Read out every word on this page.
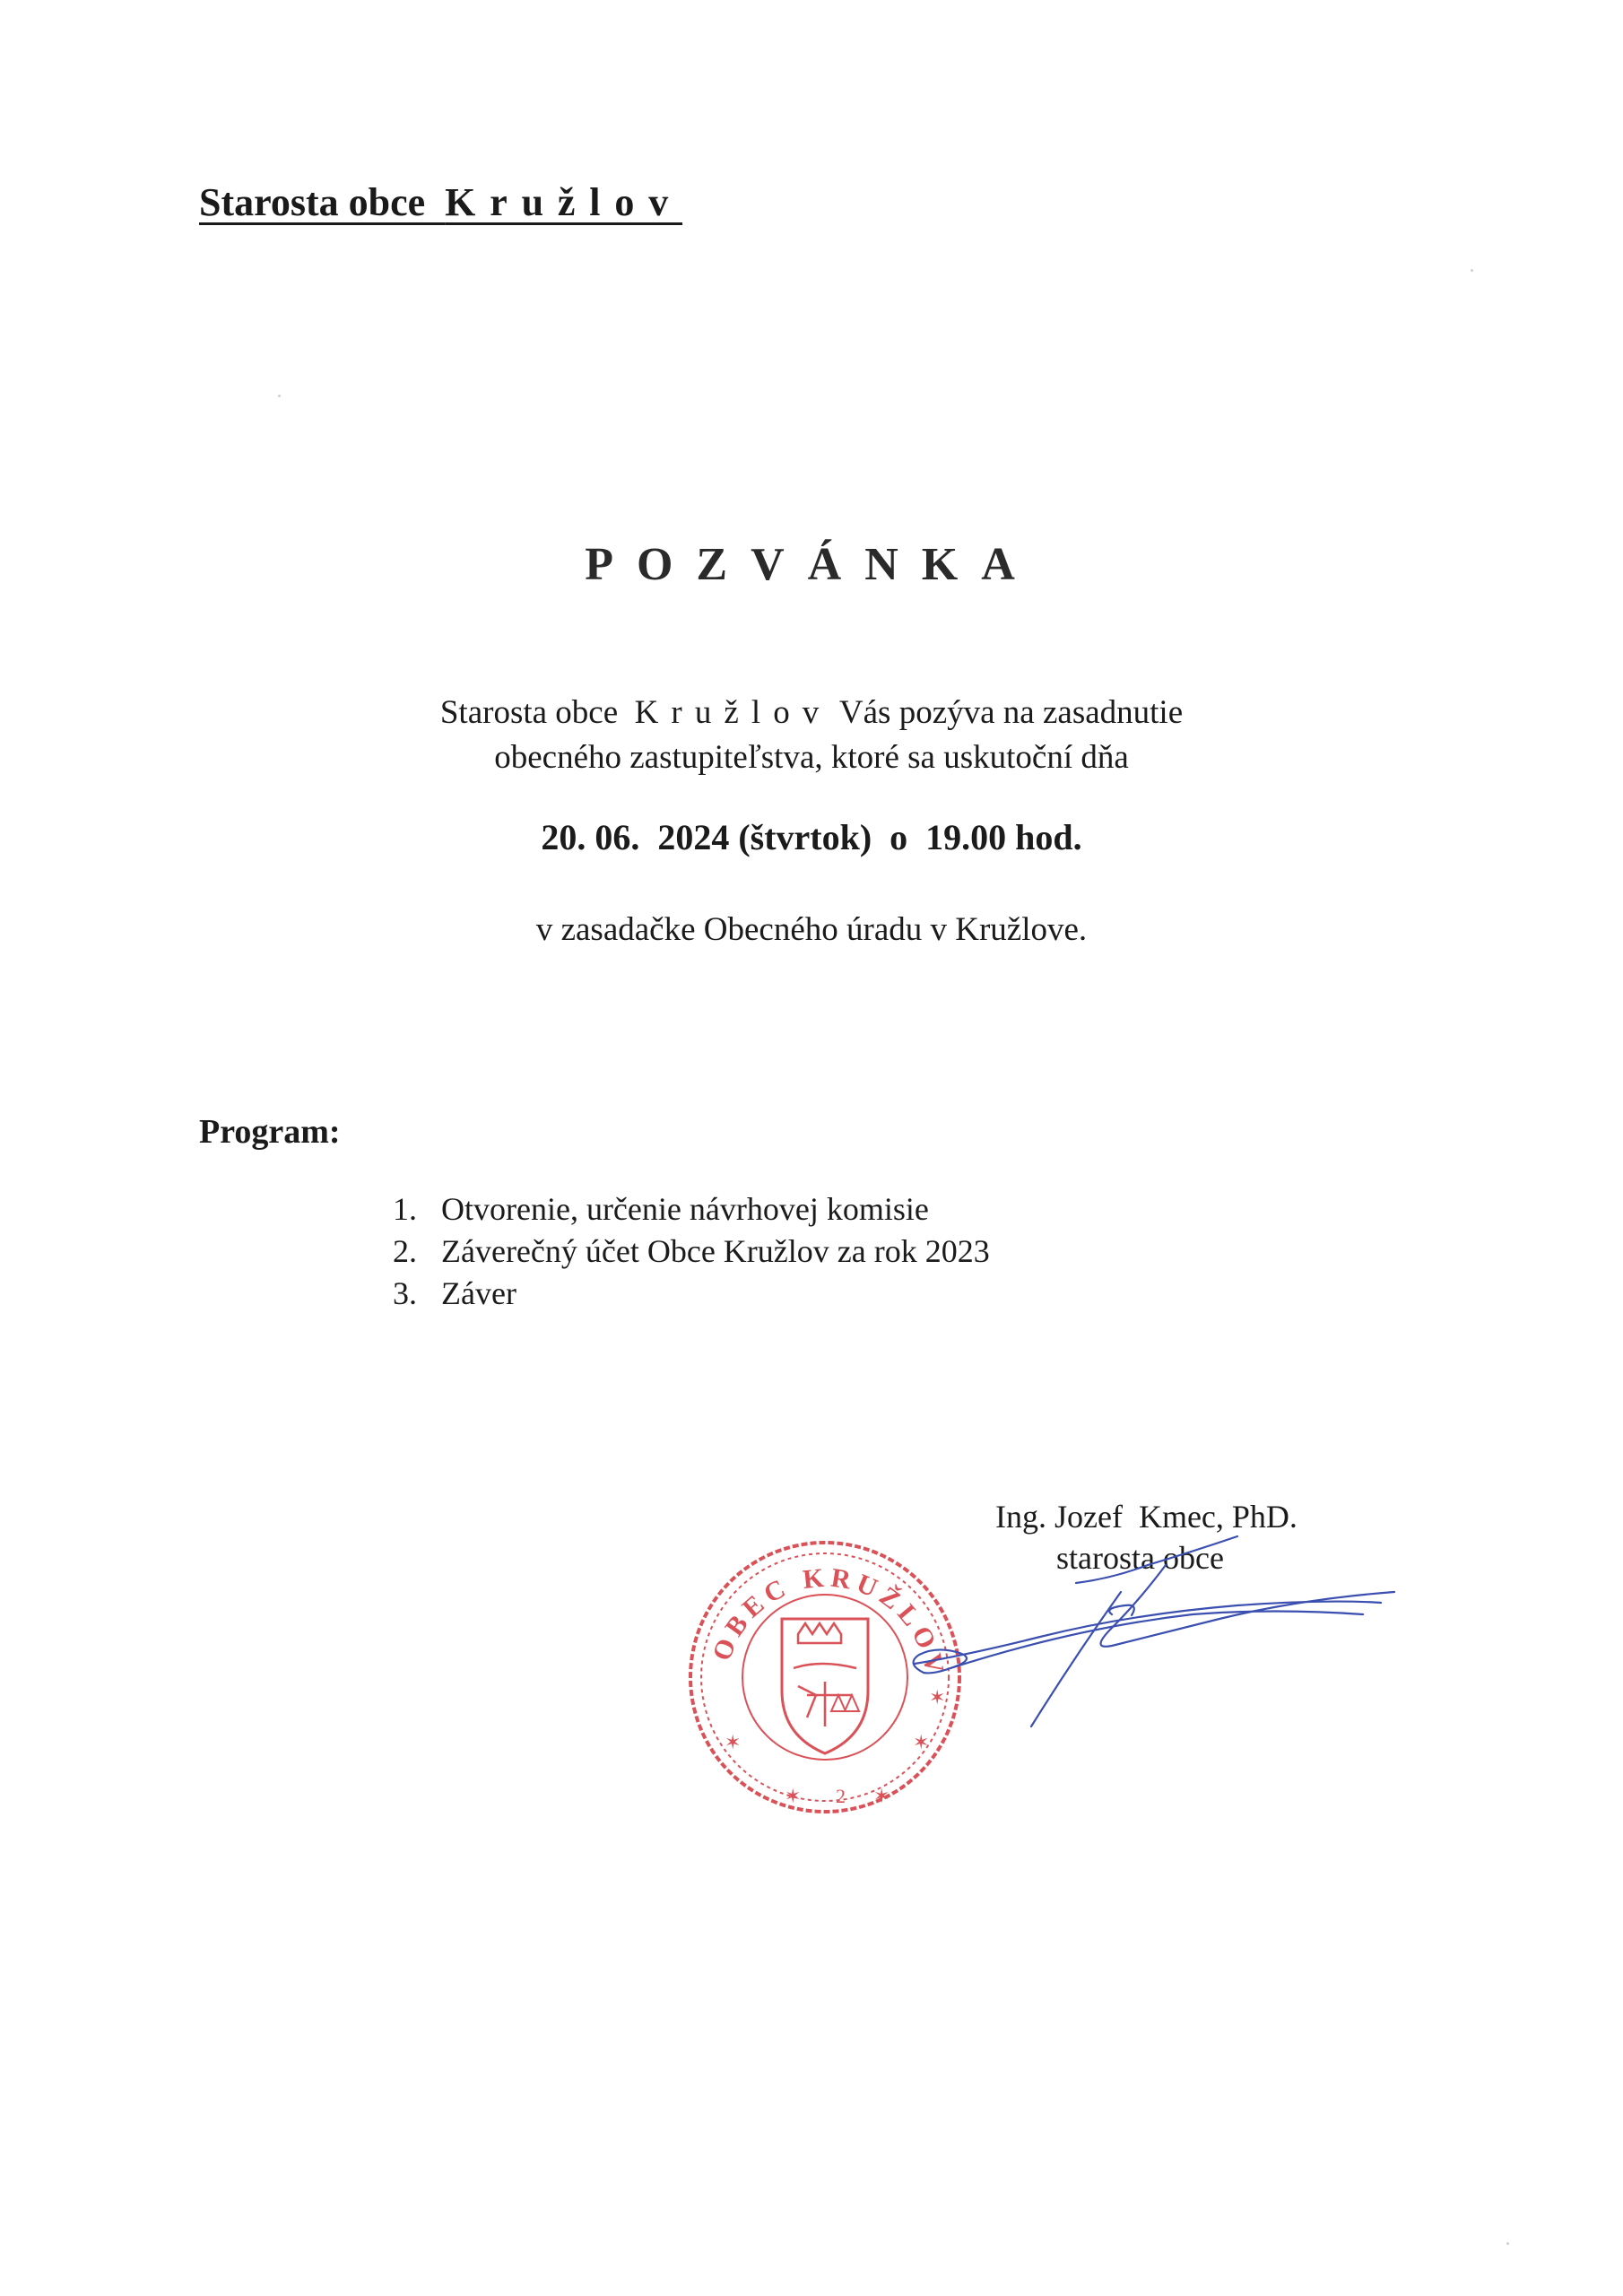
Starosta obce  Kružlov
POZVÁNKA
Starosta obce  Kružlov Vás pozýva na zasadnutie
obecného zastupiteľstva, ktoré sa uskutoční dňa
20. 06.  2024 (štvrtok)  o  19.00 hod.
v zasadačke Obecného úradu v Kružlove.
Program:
1. Otvorenie, určenie návrhovej komisie
2. Záverečný účet Obce Kružlov za rok 2023
3. Záver
OBEC KRUŽLOV
✶	✶
✶
✶ 2 ✶
Ing. Jozef  Kmec, PhD.
starosta obce
